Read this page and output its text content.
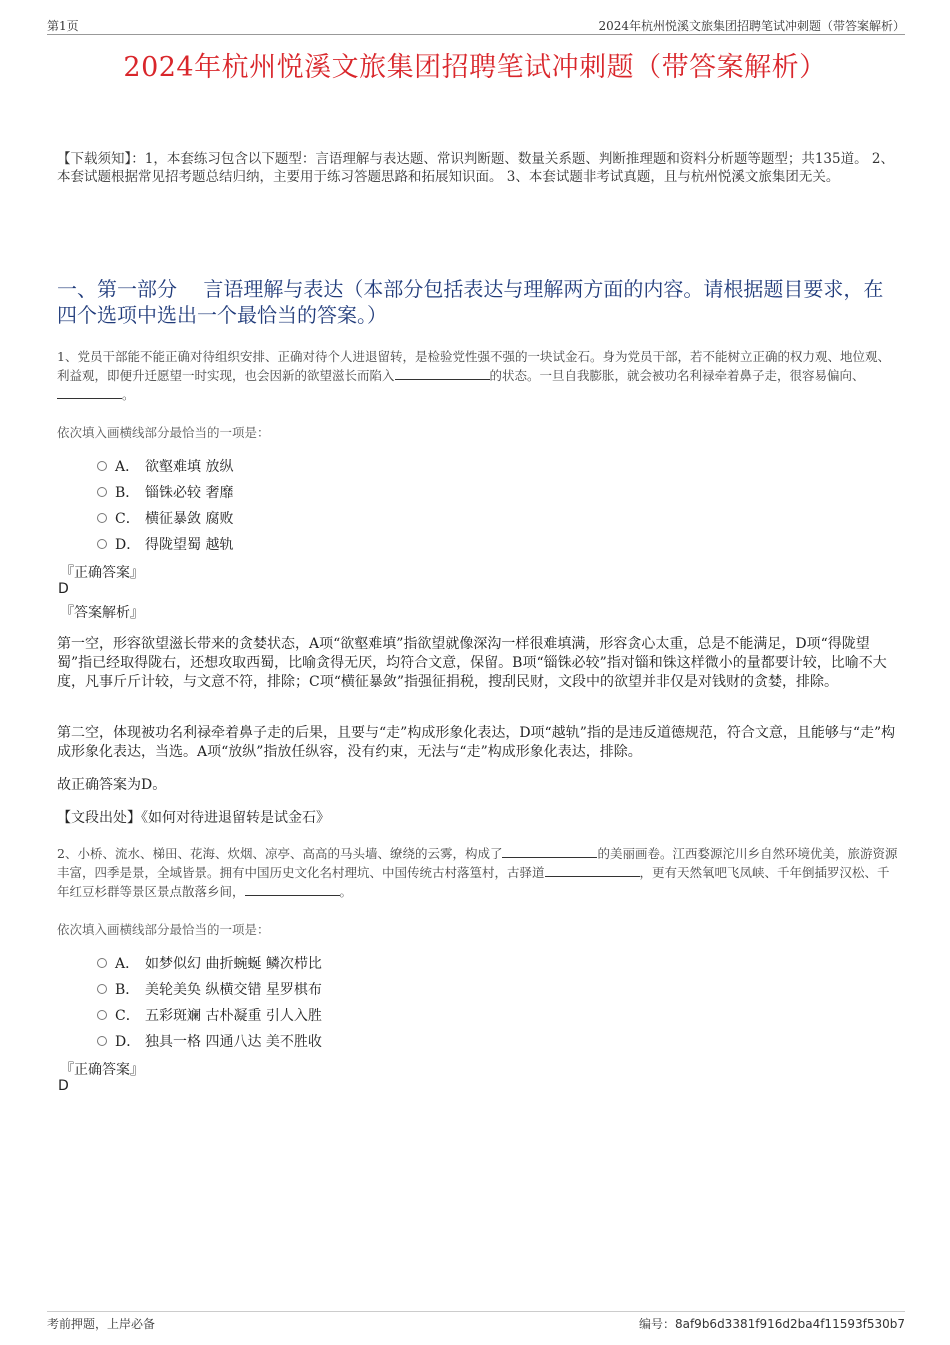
第1页	2024年杭州悦溪文旅集团招聘笔试冲刺题（带答案解析）
2024年杭州悦溪文旅集团招聘笔试冲刺题（带答案解析）
【下载须知】：1，本套练习包含以下题型：言语理解与表达题、常识判断题、数量关系题、判断推理题和资料分析题等题型；共135道。 2、本套试题根据常见招考题总结归纳，主要用于练习答题思路和拓展知识面。 3、本套试题非考试真题，且与杭州悦溪文旅集团无关。
一、第一部分　 言语理解与表达（本部分包括表达与理解两方面的内容。请根据题目要求，在四个选项中选出一个最恰当的答案。）
1、党员干部能不能正确对待组织安排、正确对待个人进退留转，是检验党性强不强的一块试金石。身为党员干部，若不能树立正确的权力观、地位观、利益观，即便升迁愿望一时实现，也会因新的欲望滋长而陷入	的状态。一旦自我膨胀，就会被功名利禄牵着鼻子走，很容易偏向、。
依次填入画横线部分最恰当的一项是：
A． 欲壑难填 放纵
B． 锱铢必较 奢靡
C． 横征暴敛 腐败
D． 得陇望蜀 越轨
『正确答案』
D
『答案解析』
第一空，形容欲望滋长带来的贪婪状态，A项“欲壑难填”指欲望就像深沟一样很难填满，形容贪心太重，总是不能满足，D项“得陇望蜀”指已经取得陇右，还想攻取西蜀，比喻贪得无厌，均符合文意，保留。B项“锱铢必较”指对锱和铢这样微小的量都要计较，比喻不大度，凡事斤斤计较，与文意不符，排除；C项“横征暴敛”指强征捐税，搜刮民财，文段中的欲望并非仅是对钱财的贪婪，排除。
第二空，体现被功名利禄牵着鼻子走的后果，且要与“走”构成形象化表达，D项“越轨”指的是违反道德规范，符合文意，且能够与“走”构成形象化表达，当选。A项“放纵”指放任纵容，没有约束，无法与“走”构成形象化表达，排除。
故正确答案为D。
【文段出处】《如何对待进退留转是试金石》
2、小桥、流水、梯田、花海、炊烟、凉亭、高高的马头墙、缭绕的云雾，构成了	的美丽画卷。江西婺源沱川乡自然环境优美，旅游资源丰富，四季是景，全域皆景。拥有中国历史文化名村理坑、中国传统古村落篁村，古驿道	，更有天然氧吧飞凤峡、千年倒插罗汉松、千年红豆杉群等景区景点散落乡间，	。
依次填入画横线部分最恰当的一项是：
A． 如梦似幻 曲折蜿蜒 鳞次栉比
B． 美轮美奂 纵横交错 星罗棋布
C． 五彩斑斓 古朴凝重 引人入胜
D． 独具一格 四通八达 美不胜收
『正确答案』
D
考前押题，上岸必备	编号：8af9b6d3381f916d2ba4f11593f530b7
